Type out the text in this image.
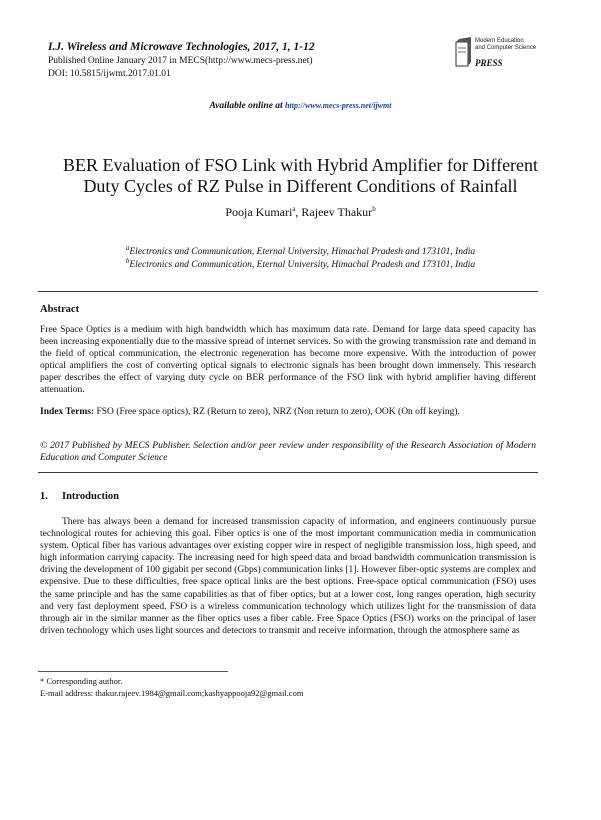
I.J. Wireless and Microwave Technologies, 2017, 1, 1-12
Published Online January 2017 in MECS(http://www.mecs-press.net)
DOI: 10.5815/ijwmt.2017.01.01
Modern Education
and Computer Science
PRESS
Available online at http://www.mecs-press.net/ijwmt
BER Evaluation of FSO Link with Hybrid Amplifier for Different
Duty Cycles of RZ Pulse in Different Conditions of Rainfall
Pooja Kumari$^a$, Rajeev Thakur$^b$
$^a$Electronics and Communication, Eternal University, Himachal Pradesh and 173101, India
$^b$Electronics and Communication, Eternal University, Himachal Pradesh and 173101, India
Abstract
Free Space Optics is a medium with high bandwidth which has maximum data rate. Demand for large data speed capacity has been increasing exponentially due to the massive spread of internet services. So with the growing transmission rate and demand in the field of optical communication, the electronic regeneration has become more expensive. With the introduction of power optical amplifiers the cost of converting optical signals to electronic signals has been brought down immensely. This research paper describes the effect of varying duty cycle on BER performance of the FSO link with hybrid amplifier having different attenuation.
Index Terms: FSO (Free space optics), RZ (Return to zero), NRZ (Non return to zero), OOK (On off keying).
© 2017 Published by MECS Publisher. Selection and/or peer review under responsibility of the Research Association of Modern Education and Computer Science
1. Introduction
There has always been a demand for increased transmission capacity of information, and engineers continuously pursue technological routes for achieving this goal. Fiber optics is one of the most important communication media in communication system. Optical fiber has various advantages over existing copper wire in respect of negligible transmission loss, high speed, and high information carrying capacity. The increasing need for high speed data and broad bandwidth communication transmission is driving the development of 100 gigabit per second (Gbps) communication links [1]. However fiber-optic systems are complex and expensive. Due to these difficulties, free space optical links are the best options. Free-space optical communication (FSO) uses the same principle and has the same capabilities as that of fiber optics, but at a lower cost, long ranges operation, high security and very fast deployment speed. FSO is a wireless communication technology which utilizes light for the transmission of data through air in the similar manner as the fiber optics uses a fiber cable. Free Space Optics (FSO) works on the principal of laser driven technology which uses light sources and detectors to transmit and receive information, through the atmosphere same as
* Corresponding author.
E-mail address: thakur.rajeev.1984@gmail.com;kashyappooja92@gmail.com
